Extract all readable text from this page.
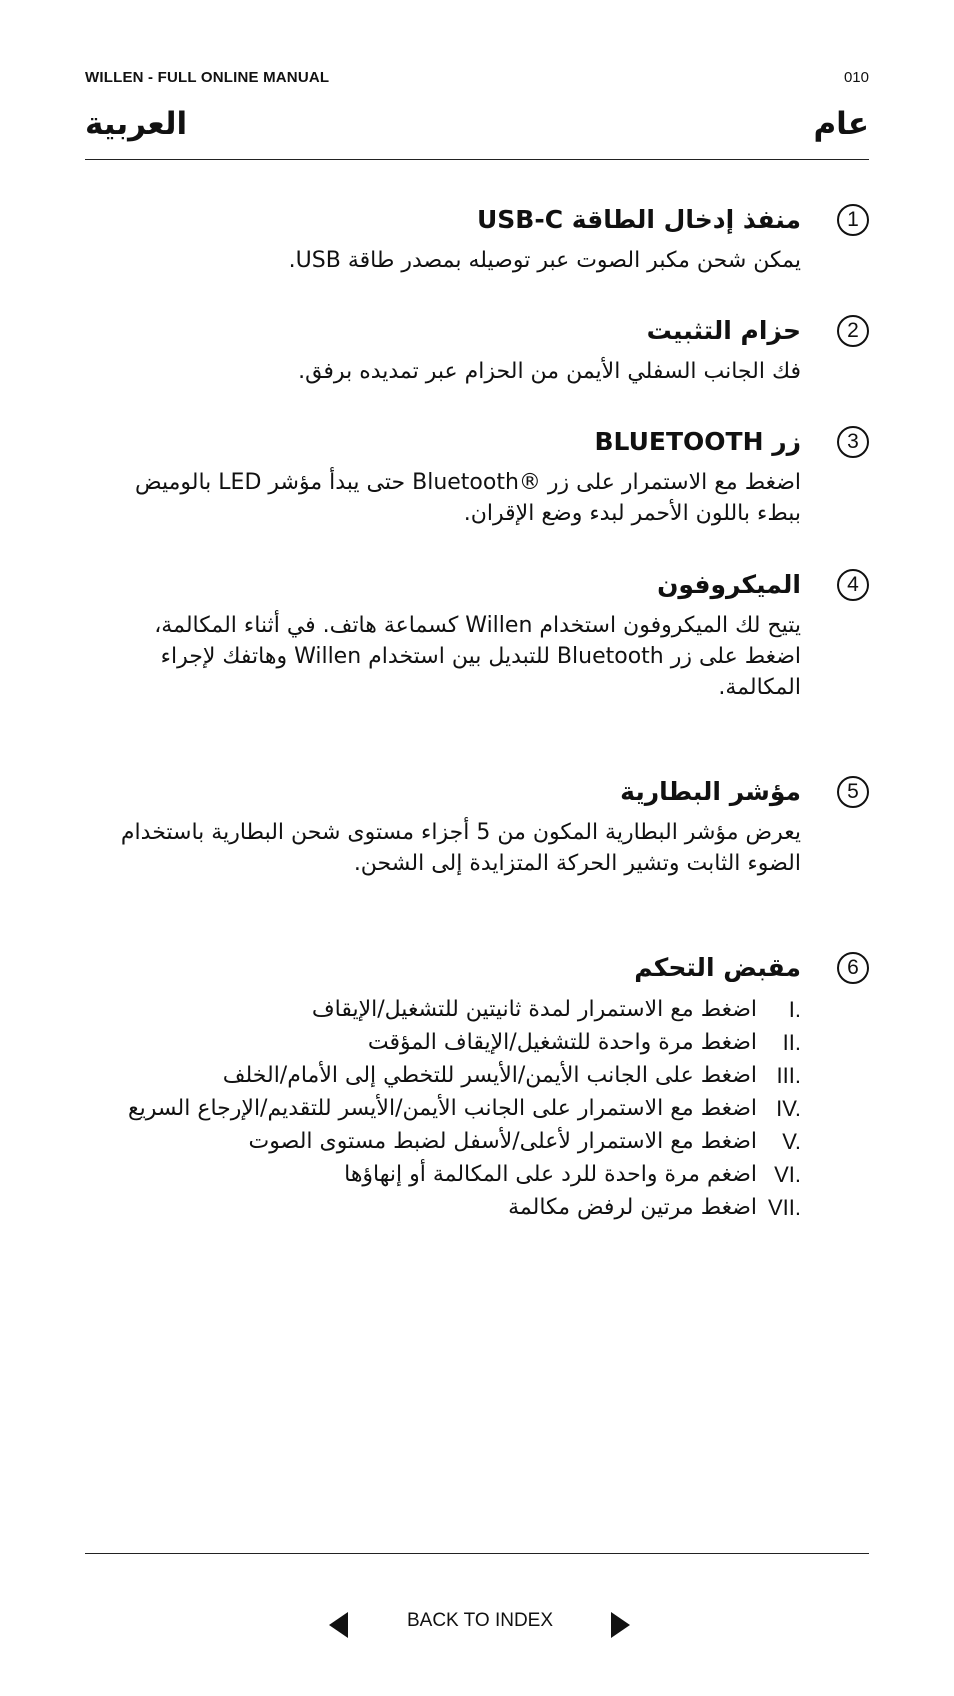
WILLEN - FULL ONLINE MANUAL	010
العربية	عام
1
منفذ إدخال الطاقة USB-C
يمكن شحن مكبر الصوت عبر توصيله بمصدر طاقة USB.
2
حزام التثبيت
فك الجانب السفلي الأيمن من الحزام عبر تمديده برفق.
3
زر BLUETOOTH
اضغط مع الاستمرار على زر ®Bluetooth حتى يبدأ مؤشر LED بالوميض ببطء باللون الأحمر لبدء وضع الإقران.
4
الميكروفون
يتيح لك الميكروفون استخدام Willen كسماعة هاتف. في أثناء المكالمة، اضغط على زر Bluetooth للتبديل بين استخدام Willen وهاتفك لإجراء المكالمة.
5
مؤشر البطارية
يعرض مؤشر البطارية المكون من 5 أجزاء مستوى شحن البطارية باستخدام الضوء الثابت وتشير الحركة المتزايدة إلى الشحن.
6
مقبض التحكم
I.
اضغط مع الاستمرار لمدة ثانيتين للتشغيل/الإيقاف
II.
اضغط مرة واحدة للتشغيل/الإيقاف المؤقت
III.
اضغط على الجانب الأيمن/الأيسر للتخطي إلى الأمام/الخلف
IV.
اضغط مع الاستمرار على الجانب الأيمن/الأيسر للتقديم/الإرجاع السريع
V.
اضغط مع الاستمرار لأعلى/لأسفل لضبط مستوى الصوت
VI.
اضغم مرة واحدة للرد على المكالمة أو إنهاؤها
VII.
اضغط مرتين لرفض مكالمة
BACK TO INDEX
